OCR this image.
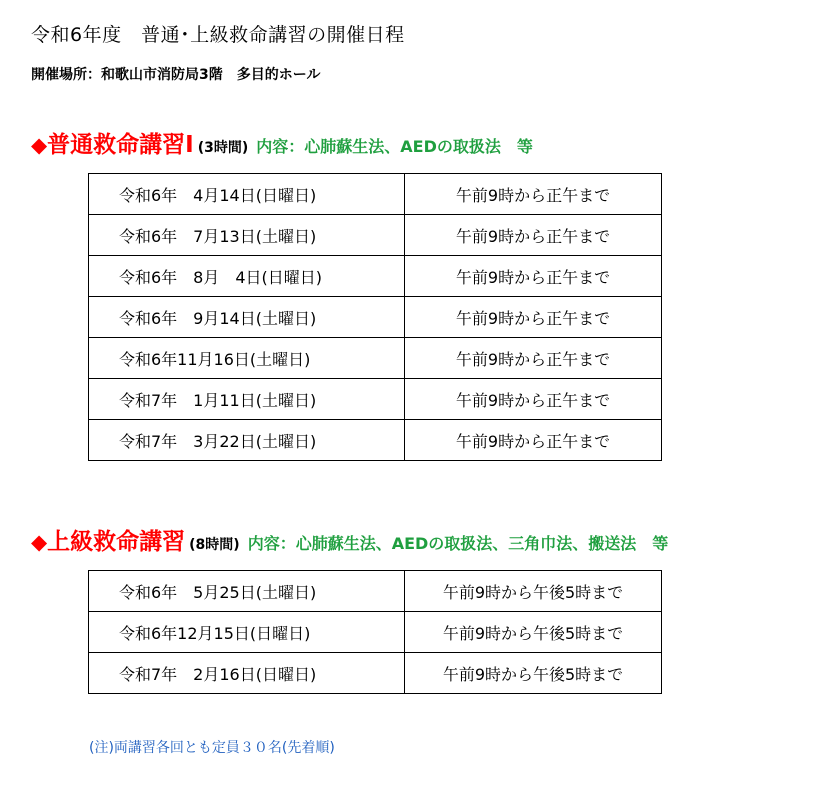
令和6年度　普通･上級救命講習の開催日程
開催場所：和歌山市消防局3階　多目的ホール
◆普通救命講習Ⅰ (3時間) 内容：心肺蘇生法、AEDの取扱法　等
令和6年　4月14日(日曜日)	午前9時から正午まで
令和6年　7月13日(土曜日)	午前9時から正午まで
令和6年　8月　4日(日曜日)	午前9時から正午まで
令和6年　9月14日(土曜日)	午前9時から正午まで
令和6年11月16日(土曜日)	午前9時から正午まで
令和7年　1月11日(土曜日)	午前9時から正午まで
令和7年　3月22日(土曜日)	午前9時から正午まで
◆上級救命講習 (8時間) 内容：心肺蘇生法、AEDの取扱法、三角巾法、搬送法　等
令和6年　5月25日(土曜日)	午前9時から午後5時まで
令和6年12月15日(日曜日)	午前9時から午後5時まで
令和7年　2月16日(日曜日)	午前9時から午後5時まで
(注)両講習各回とも定員３０名(先着順)
